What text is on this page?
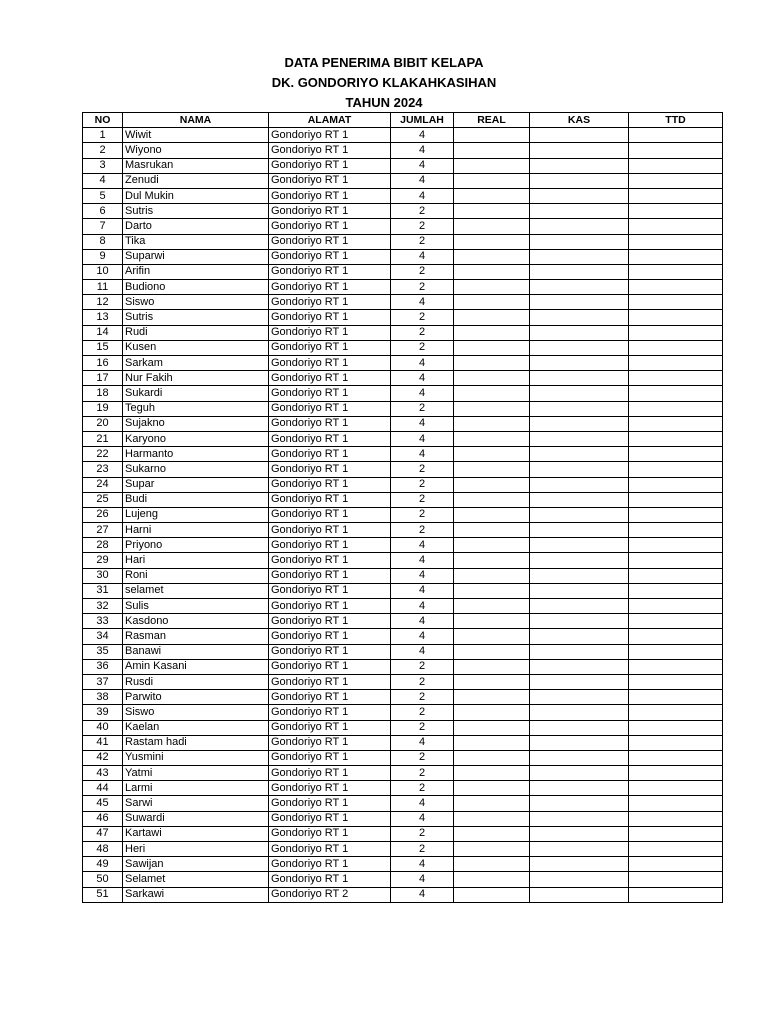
DATA PENERIMA BIBIT KELAPA
DK. GONDORIYO KLAKAHKASIHAN
TAHUN 2024
NO	NAMA	ALAMAT	JUMLAH	REAL	KAS	TTD
1	Wiwit	Gondoriyo RT 1	4			
2	Wiyono	Gondoriyo RT 1	4			
3	Masrukan	Gondoriyo RT 1	4			
4	Zenudi	Gondoriyo RT 1	4			
5	Dul Mukin	Gondoriyo RT 1	4			
6	Sutris	Gondoriyo RT 1	2			
7	Darto	Gondoriyo RT 1	2			
8	Tika	Gondoriyo RT 1	2			
9	Suparwi	Gondoriyo RT 1	4			
10	Arifin	Gondoriyo RT 1	2			
11	Budiono	Gondoriyo RT 1	2			
12	Siswo	Gondoriyo RT 1	4			
13	Sutris	Gondoriyo RT 1	2			
14	Rudi	Gondoriyo RT 1	2			
15	Kusen	Gondoriyo RT 1	2			
16	Sarkam	Gondoriyo RT 1	4			
17	Nur Fakih	Gondoriyo RT 1	4			
18	Sukardi	Gondoriyo RT 1	4			
19	Teguh	Gondoriyo RT 1	2			
20	Sujakno	Gondoriyo RT 1	4			
21	Karyono	Gondoriyo RT 1	4			
22	Harmanto	Gondoriyo RT 1	4			
23	Sukarno	Gondoriyo RT 1	2			
24	Supar	Gondoriyo RT 1	2			
25	Budi	Gondoriyo RT 1	2			
26	Lujeng	Gondoriyo RT 1	2			
27	Harni	Gondoriyo RT 1	2			
28	Priyono	Gondoriyo RT 1	4			
29	Hari	Gondoriyo RT 1	4			
30	Roni	Gondoriyo RT 1	4			
31	selamet	Gondoriyo RT 1	4			
32	Sulis	Gondoriyo RT 1	4			
33	Kasdono	Gondoriyo RT 1	4			
34	Rasman	Gondoriyo RT 1	4			
35	Banawi	Gondoriyo RT 1	4			
36	Amin Kasani	Gondoriyo RT 1	2			
37	Rusdi	Gondoriyo RT 1	2			
38	Parwito	Gondoriyo RT 1	2			
39	Siswo	Gondoriyo RT 1	2			
40	Kaelan	Gondoriyo RT 1	2			
41	Rastam hadi	Gondoriyo RT 1	4			
42	Yusmini	Gondoriyo RT 1	2			
43	Yatmi	Gondoriyo RT 1	2			
44	Larmi	Gondoriyo RT 1	2			
45	Sarwi	Gondoriyo RT 1	4			
46	Suwardi	Gondoriyo RT 1	4			
47	Kartawi	Gondoriyo RT 1	2			
48	Heri	Gondoriyo RT 1	2			
49	Sawijan	Gondoriyo RT 1	4			
50	Selamet	Gondoriyo RT 1	4			
51	Sarkawi	Gondoriyo RT 2	4			
